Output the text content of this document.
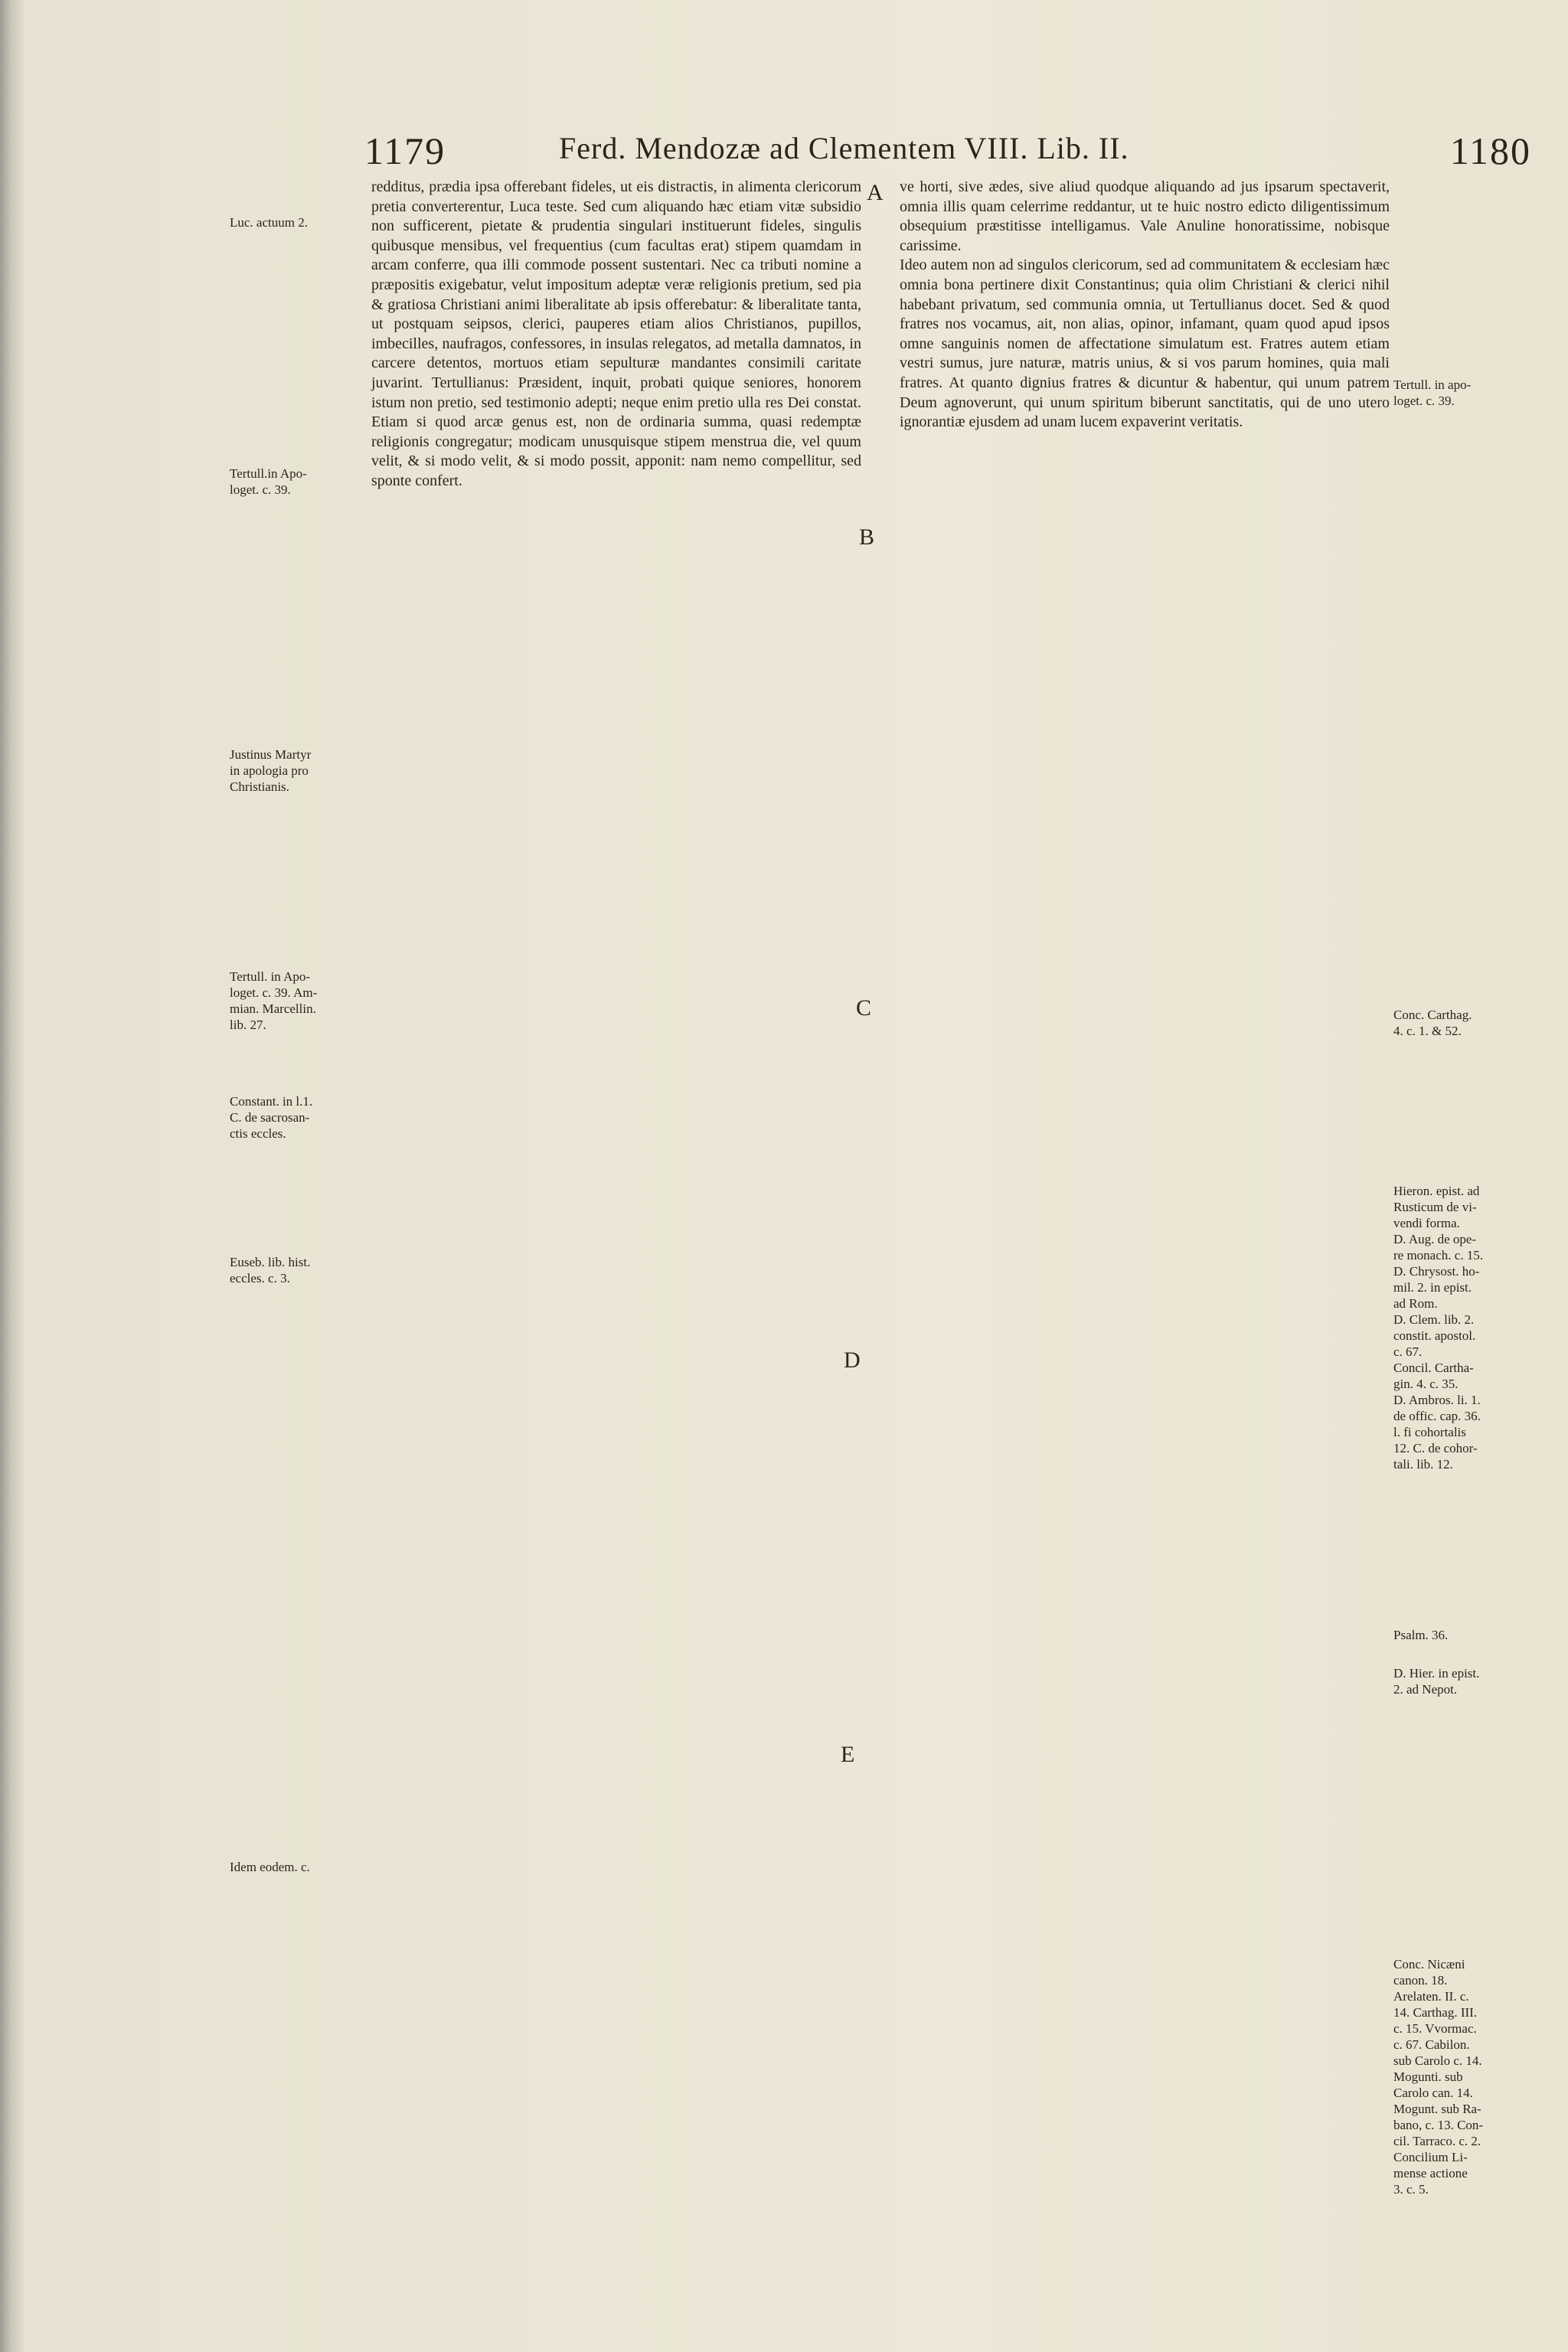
1179	Ferd. Mendozæ ad Clementem VIII. Lib. II.	1180
Luc. actuum 2.
Tertull.in Apo-
loget. c. 39.
Justinus Martyr
in apologia pro
Christianis.
Tertull. in Apo-
loget. c. 39. Am-
mian. Marcellin.
lib. 27.
Constant. in l.1.
C. de sacrosan-
ctis eccles.
Euseb. lib. hist.
eccles. c. 3.
Idem eodem. c.
Tertull. in apo-
loget. c. 39.
Conc. Carthag.
4. c. 1. & 52.
Hieron. epist. ad
Rusticum de vi-
vendi forma.
D. Aug. de ope-
re monach. c. 15.
D. Chrysost. ho-
mil. 2. in epist.
ad Rom.
D. Clem. lib. 2.
constit. apostol.
c. 67.
Concil. Cartha-
gin. 4. c. 35.
D. Ambros. li. 1.
de offic. cap. 36.
l. fi cohortalis
12. C. de cohor-
tali. lib. 12.
Psalm. 36.
D. Hier. in epist.
2. ad Nepot.
Conc. Nicæni
canon. 18.
Arelaten. II. c.
14. Carthag. III.
c. 15. Vvormac.
c. 67. Cabilon.
sub Carolo c. 14.
Mogunti. sub
Carolo can. 14.
Mogunt. sub Ra-
bano, c. 13. Con-
cil. Tarraco. c. 2.
Concilium Li-
mense actione
3. c. 5.
A
B
C
D
E
redditus, prædia ipsa offerebant fideles, ut eis distractis, in alimenta clericorum pretia converterentur, Luca teste. Sed cum aliquando hæc etiam vitæ subsidio non sufficerent, pietate & prudentia singulari instituerunt fideles, singulis quibusque mensibus, vel frequentius (cum facultas erat) stipem quamdam in arcam conferre, qua illi commode possent sustentari. Nec ca tributi nomine a præpositis exigebatur, velut impositum adeptæ veræ religionis pretium, sed pia & gratiosa Christiani animi liberalitate ab ipsis offerebatur: & liberalitate tanta, ut postquam seipsos, clerici, pauperes etiam alios Christianos, pupillos, imbecilles, naufragos, confessores, in insulas relegatos, ad metalla damnatos, in carcere detentos, mortuos etiam sepulturæ mandantes consimili caritate juvarint. Tertullianus: Præsident, inquit, probati quique seniores, honorem istum non pretio, sed testimonio adepti; neque enim pretio ulla res Dei constat. Etiam si quod arcæ genus est, non de ordinaria summa, quasi redemptæ religionis congregatur; modicam unusquisque stipem menstrua die, vel quum velit, & si modo velit, & si modo possit, apponit: nam nemo compellitur, sed sponte confert.
ve horti, sive ædes, sive aliud quodque aliquando ad jus ipsarum spectaverit, omnia illis quam celerrime reddantur, ut te huic nostro edicto diligentissimum obsequium præstitisse intelligamus. Vale Anuline honoratissime, nobisque carissime.
Ideo autem non ad singulos clericorum, sed ad communitatem & ecclesiam hæc omnia bona pertinere dixit Constantinus; quia olim Christiani & clerici nihil habebant privatum, sed communia omnia, ut Tertullianus docet. Sed & quod fratres nos vocamus, ait, non alias, opinor, infamant, quam quod apud ipsos omne sanguinis nomen de affectatione simulatum est. Fratres autem etiam vestri sumus, jure naturæ, matris unius, & si vos parum homines, quia mali fratres. At quanto dignius fratres & dicuntur & habentur, qui unum patrem Deum agnoverunt, qui unum spiritum biberunt sanctitatis, qui de uno utero ignorantiæ ejusdem ad unam lucem expaverint veritatis.
